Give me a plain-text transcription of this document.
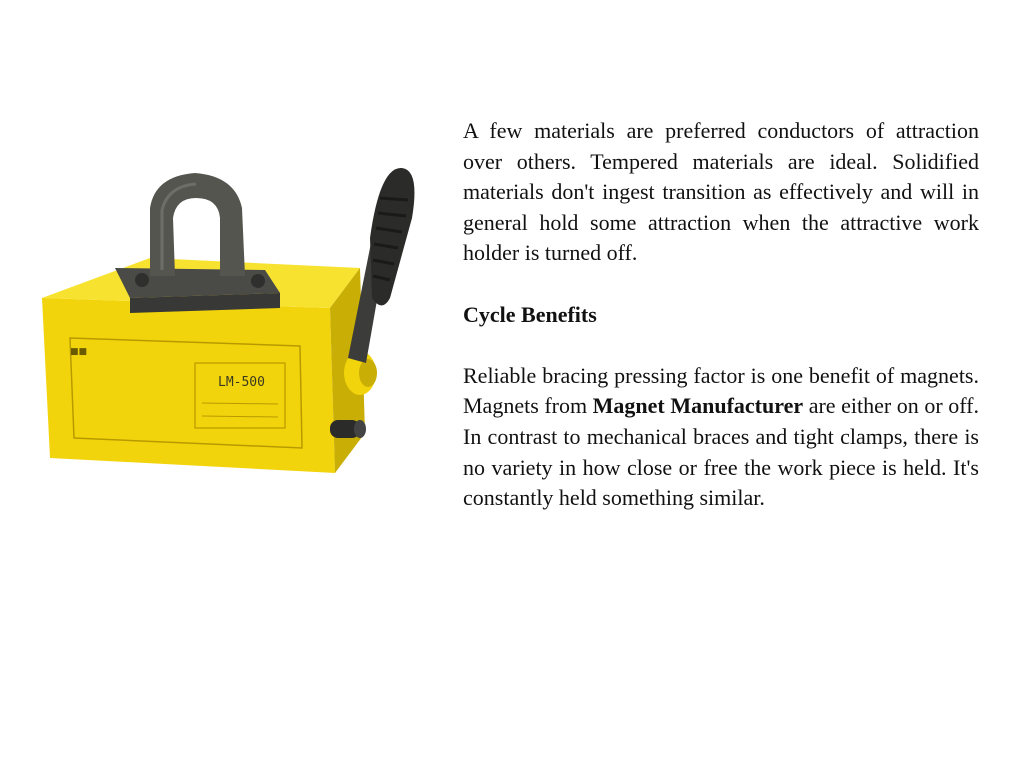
LM-500
■■

A few materials are preferred conductors of attraction over others. Tempered materials are ideal. Solidified materials don't ingest transition as effectively and will in general hold some attraction when the attractive work holder is turned off.

Cycle Benefits

Reliable bracing pressing factor is one benefit of magnets. Magnets from Magnet Manufacturer are either on or off. In contrast to mechanical braces and tight clamps, there is no variety in how close or free the work piece is held. It's constantly held something similar.
